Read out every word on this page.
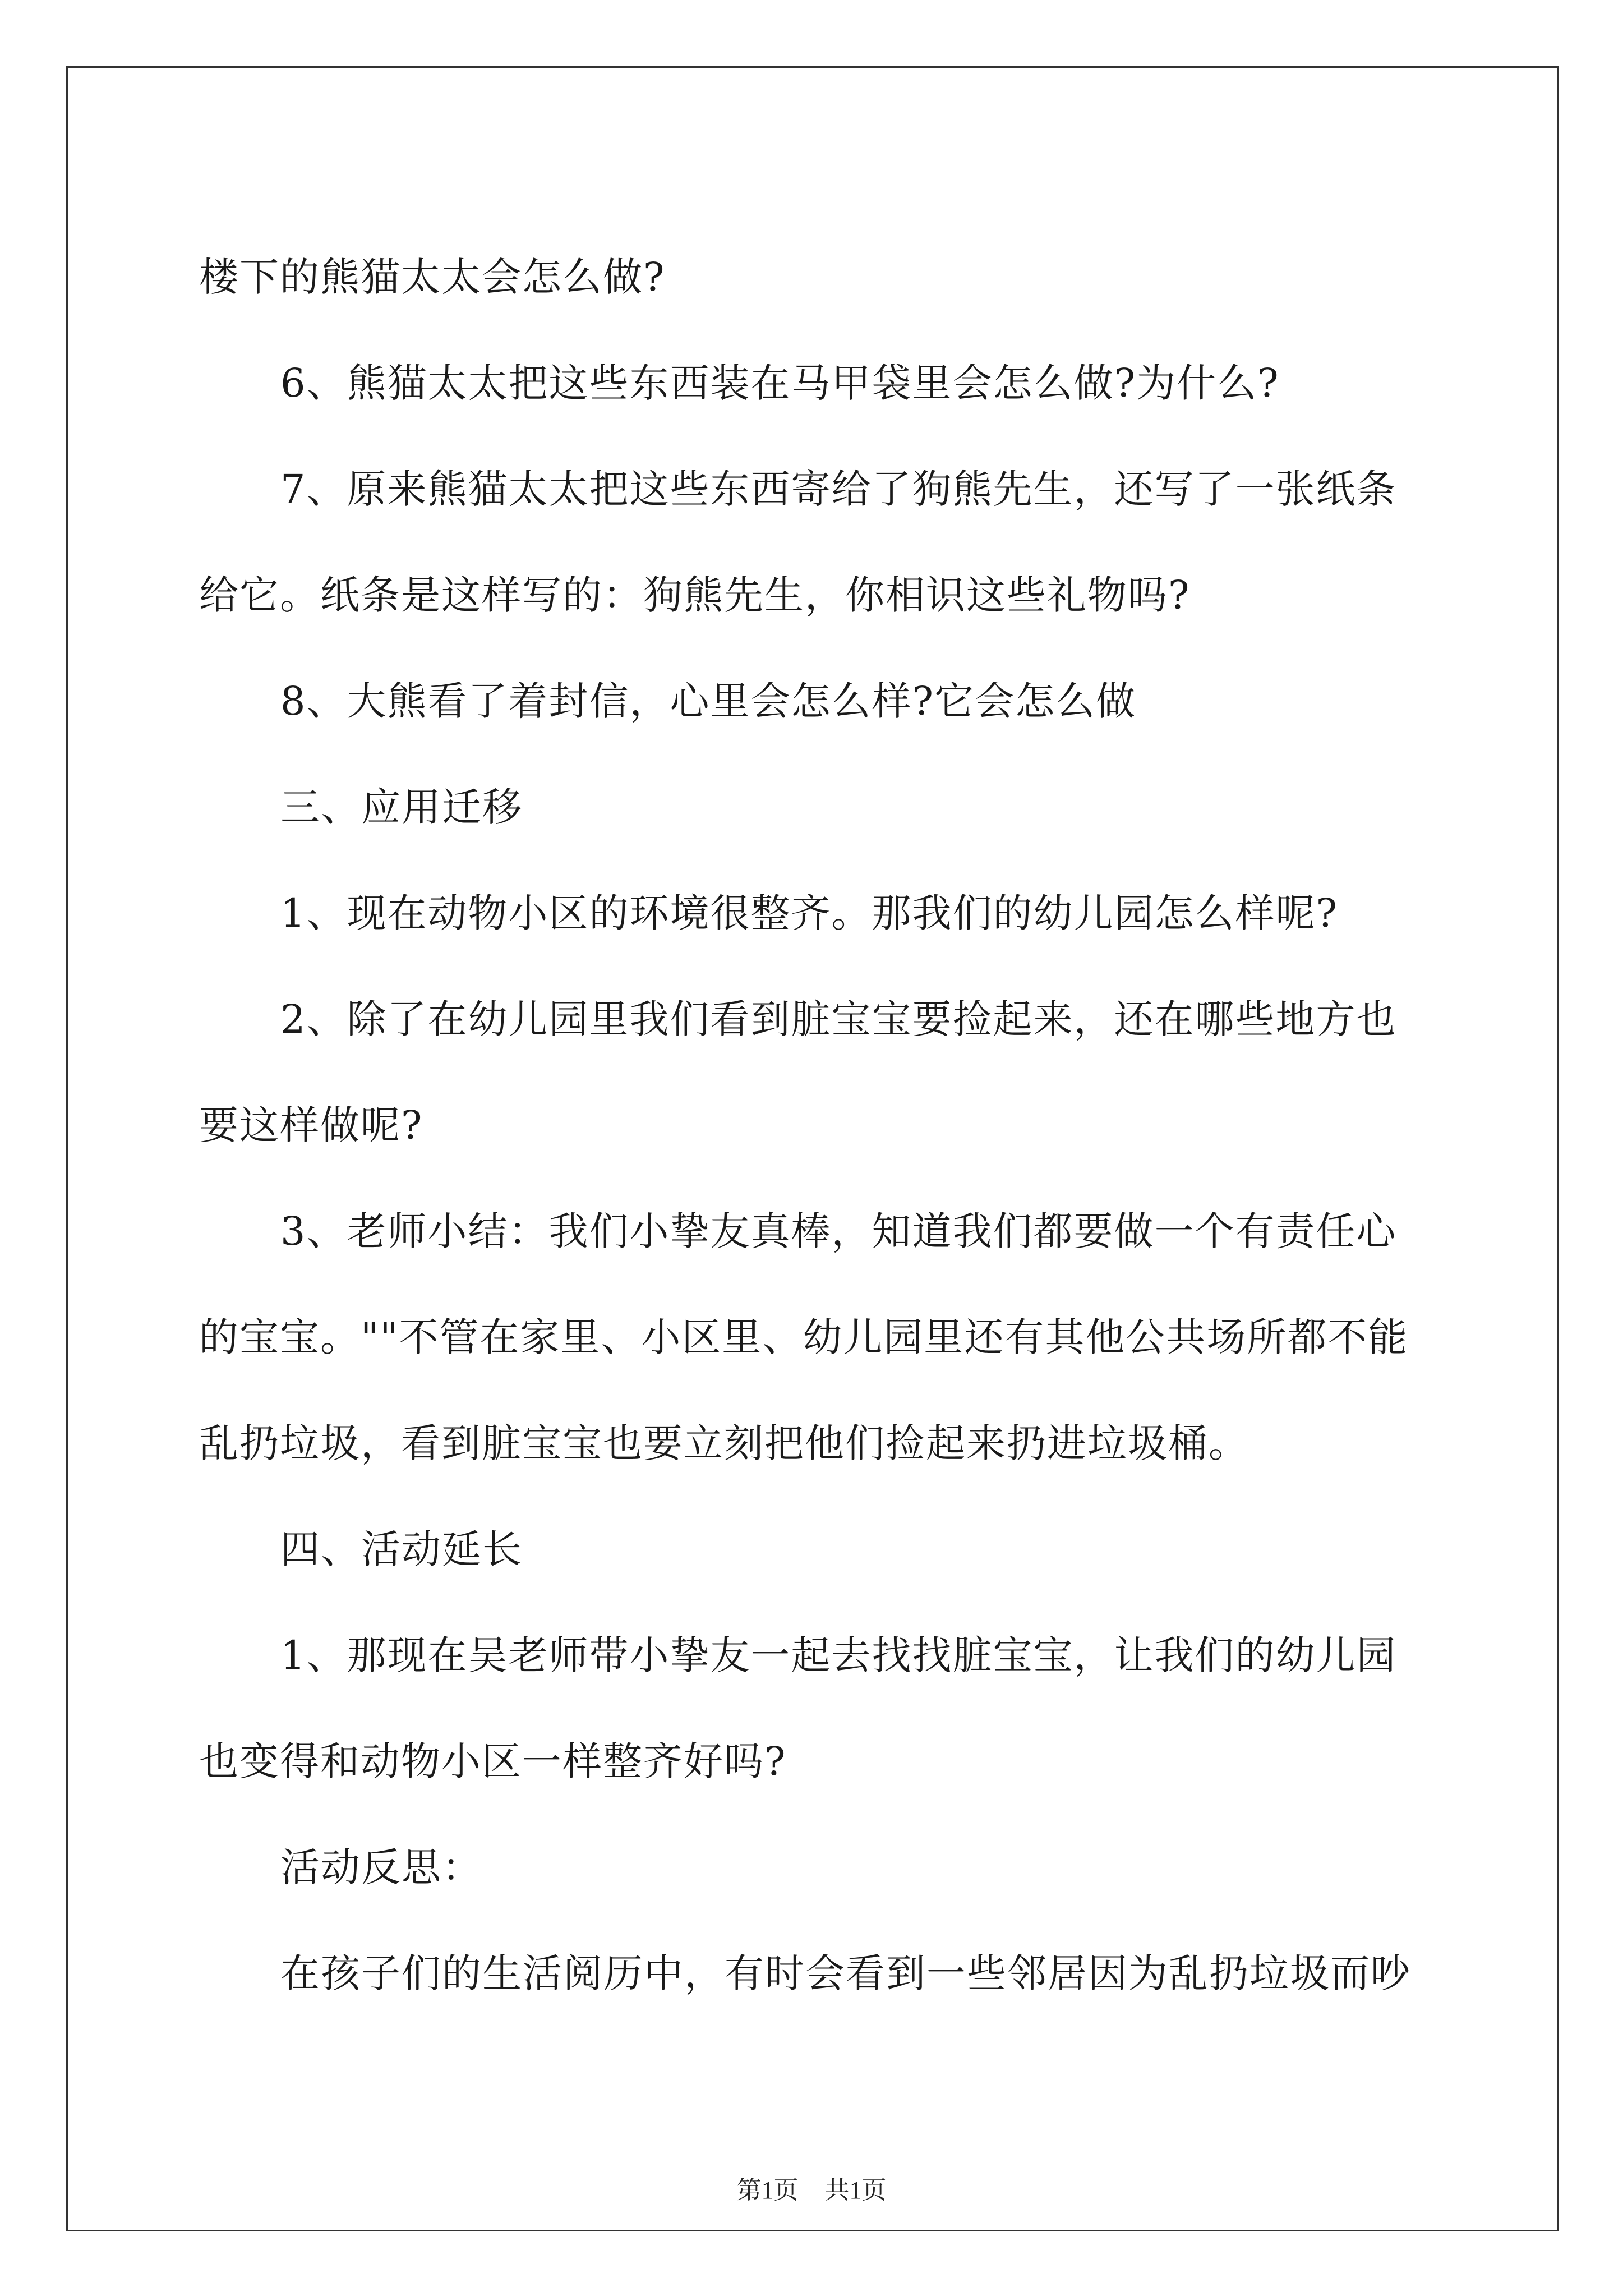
楼下的熊猫太太会怎么做?

6、熊猫太太把这些东西装在马甲袋里会怎么做?为什么?

7、原来熊猫太太把这些东西寄给了狗熊先生，还写了一张纸条给它。纸条是这样写的：狗熊先生，你相识这些礼物吗?

8、大熊看了着封信，心里会怎么样?它会怎么做

三、应用迁移

1、现在动物小区的环境很整齐。那我们的幼儿园怎么样呢?

2、除了在幼儿园里我们看到脏宝宝要捡起来，还在哪些地方也要这样做呢?

3、老师小结：我们小挚友真棒，知道我们都要做一个有责任心的宝宝。""不管在家里、小区里、幼儿园里还有其他公共场所都不能乱扔垃圾，看到脏宝宝也要立刻把他们捡起来扔进垃圾桶。

四、活动延长

1、那现在吴老师带小挚友一起去找找脏宝宝，让我们的幼儿园也变得和动物小区一样整齐好吗?

活动反思：

在孩子们的生活阅历中，有时会看到一些邻居因为乱扔垃圾而吵

第1页 共1页
